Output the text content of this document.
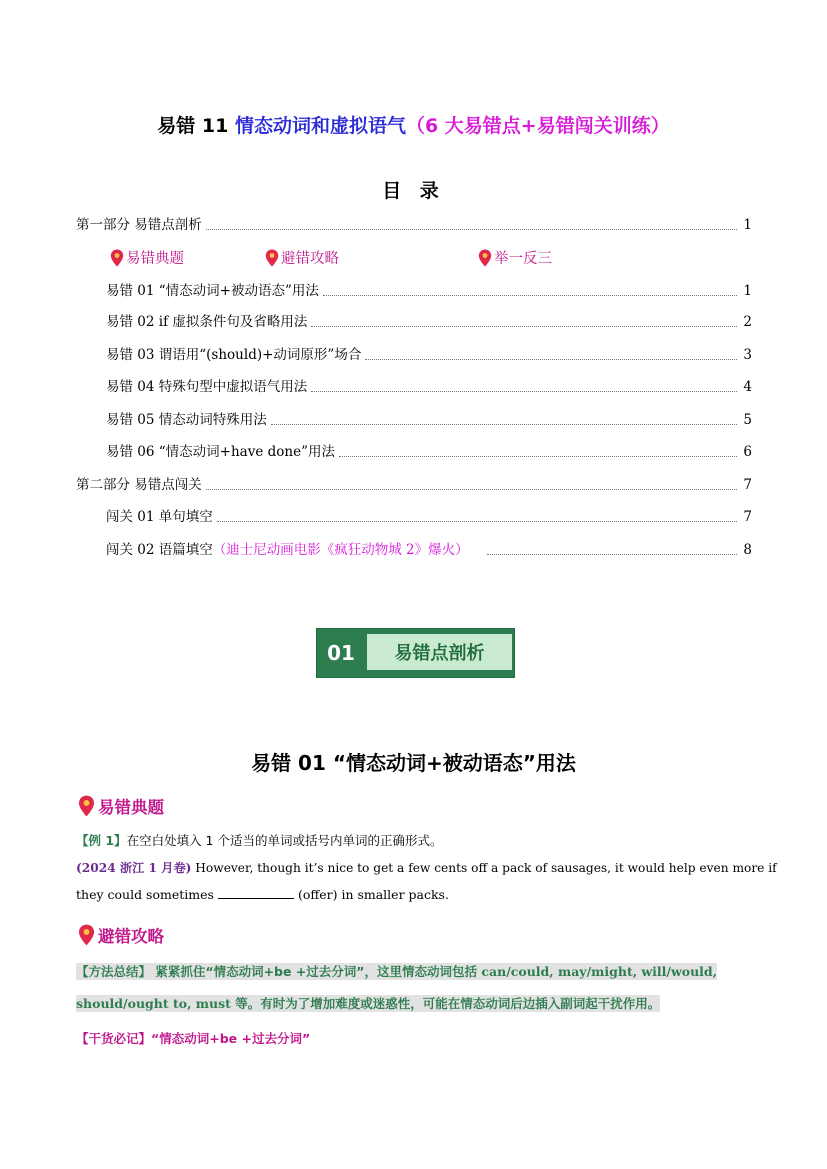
易错 11 情态动词和虚拟语气（6 大易错点+易错闯关训练）
目 录
第一部分 易错点剖析	1
易错典题	避错攻略	举一反三
易错 01 “情态动词+被动语态”用法	1
易错 02 if 虚拟条件句及省略用法	2
易错 03 谓语用“(should)+动词原形”场合	3
易错 04 特殊句型中虚拟语气用法	4
易错 05 情态动词特殊用法	5
易错 06 “情态动词+have done”用法	6
第二部分 易错点闯关	7
闯关 01 单句填空	7
闯关 02 语篇填空 （迪士尼动画电影《疯狂动物城 2》爆火）	8
01	易错点剖析
易错 01 “情态动词+被动语态”用法
易错典题
【例 1】在空白处填入 1 个适当的单词或括号内单词的正确形式。
(2024 浙江 1 月卷) However, though it’s nice to get a few cents off a pack of sausages, it would help even more if
they could sometimes	(offer) in smaller packs.
避错攻略
【方法总结】 紧紧抓住“情态动词+be +过去分词”，这里情态动词包括 can/could, may/might, will/would,
should/ought to, must 等。有时为了增加难度或迷惑性，可能在情态动词后边插入副词起干扰作用。
【干货必记】“情态动词+be +过去分词”
